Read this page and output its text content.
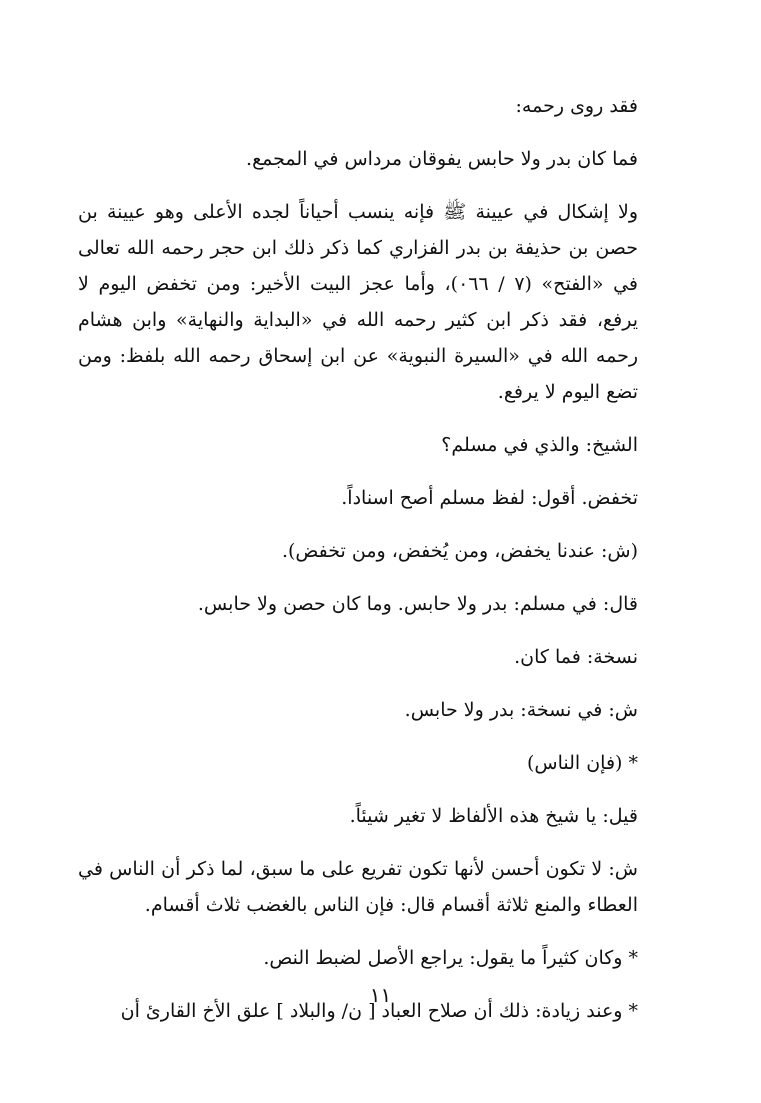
فقد روى رحمه:

فما كان بدر ولا حابس يفوقان مرداس في المجمع.

ولا إشكال في عيينة ﷺ فإنه ينسب أحياناً لجده الأعلى وهو عيينة بن حصن بن حذيفة بن بدر الفزاري كما ذكر ذلك ابن حجر رحمه الله تعالى في «الفتح» (٧ / ٠٦٦)، وأما عجز البيت الأخير: ومن تخفض اليوم لا يرفع، فقد ذكر ابن كثير رحمه الله في «البداية والنهاية» وابن هشام رحمه الله في «السيرة النبوية» عن ابن إسحاق رحمه الله بلفظ: ومن تضع اليوم لا يرفع.

الشيخ: والذي في مسلم؟

تخفض. أقول: لفظ مسلم أصح اسناداً.

(ش: عندنا يخفض، ومن يُخفض، ومن تخفض).

قال: في مسلم: بدر ولا حابس. وما كان حصن ولا حابس.

نسخة: فما كان.

ش: في نسخة: بدر ولا حابس.

* (فإن الناس)

قيل: يا شيخ هذه الألفاظ لا تغير شيئاً.

ش: لا تكون أحسن لأنها تكون تفريع على ما سبق، لما ذكر أن الناس في العطاء والمنع ثلاثة أقسام قال: فإن الناس بالغضب ثلاث أقسام.

* وكان كثيراً ما يقول: يراجع الأصل لضبط النص.

* وعند زيادة: ذلك أن صلاح العباد [ ن/ والبلاد ] علق الأخ القارئ أن

١١
